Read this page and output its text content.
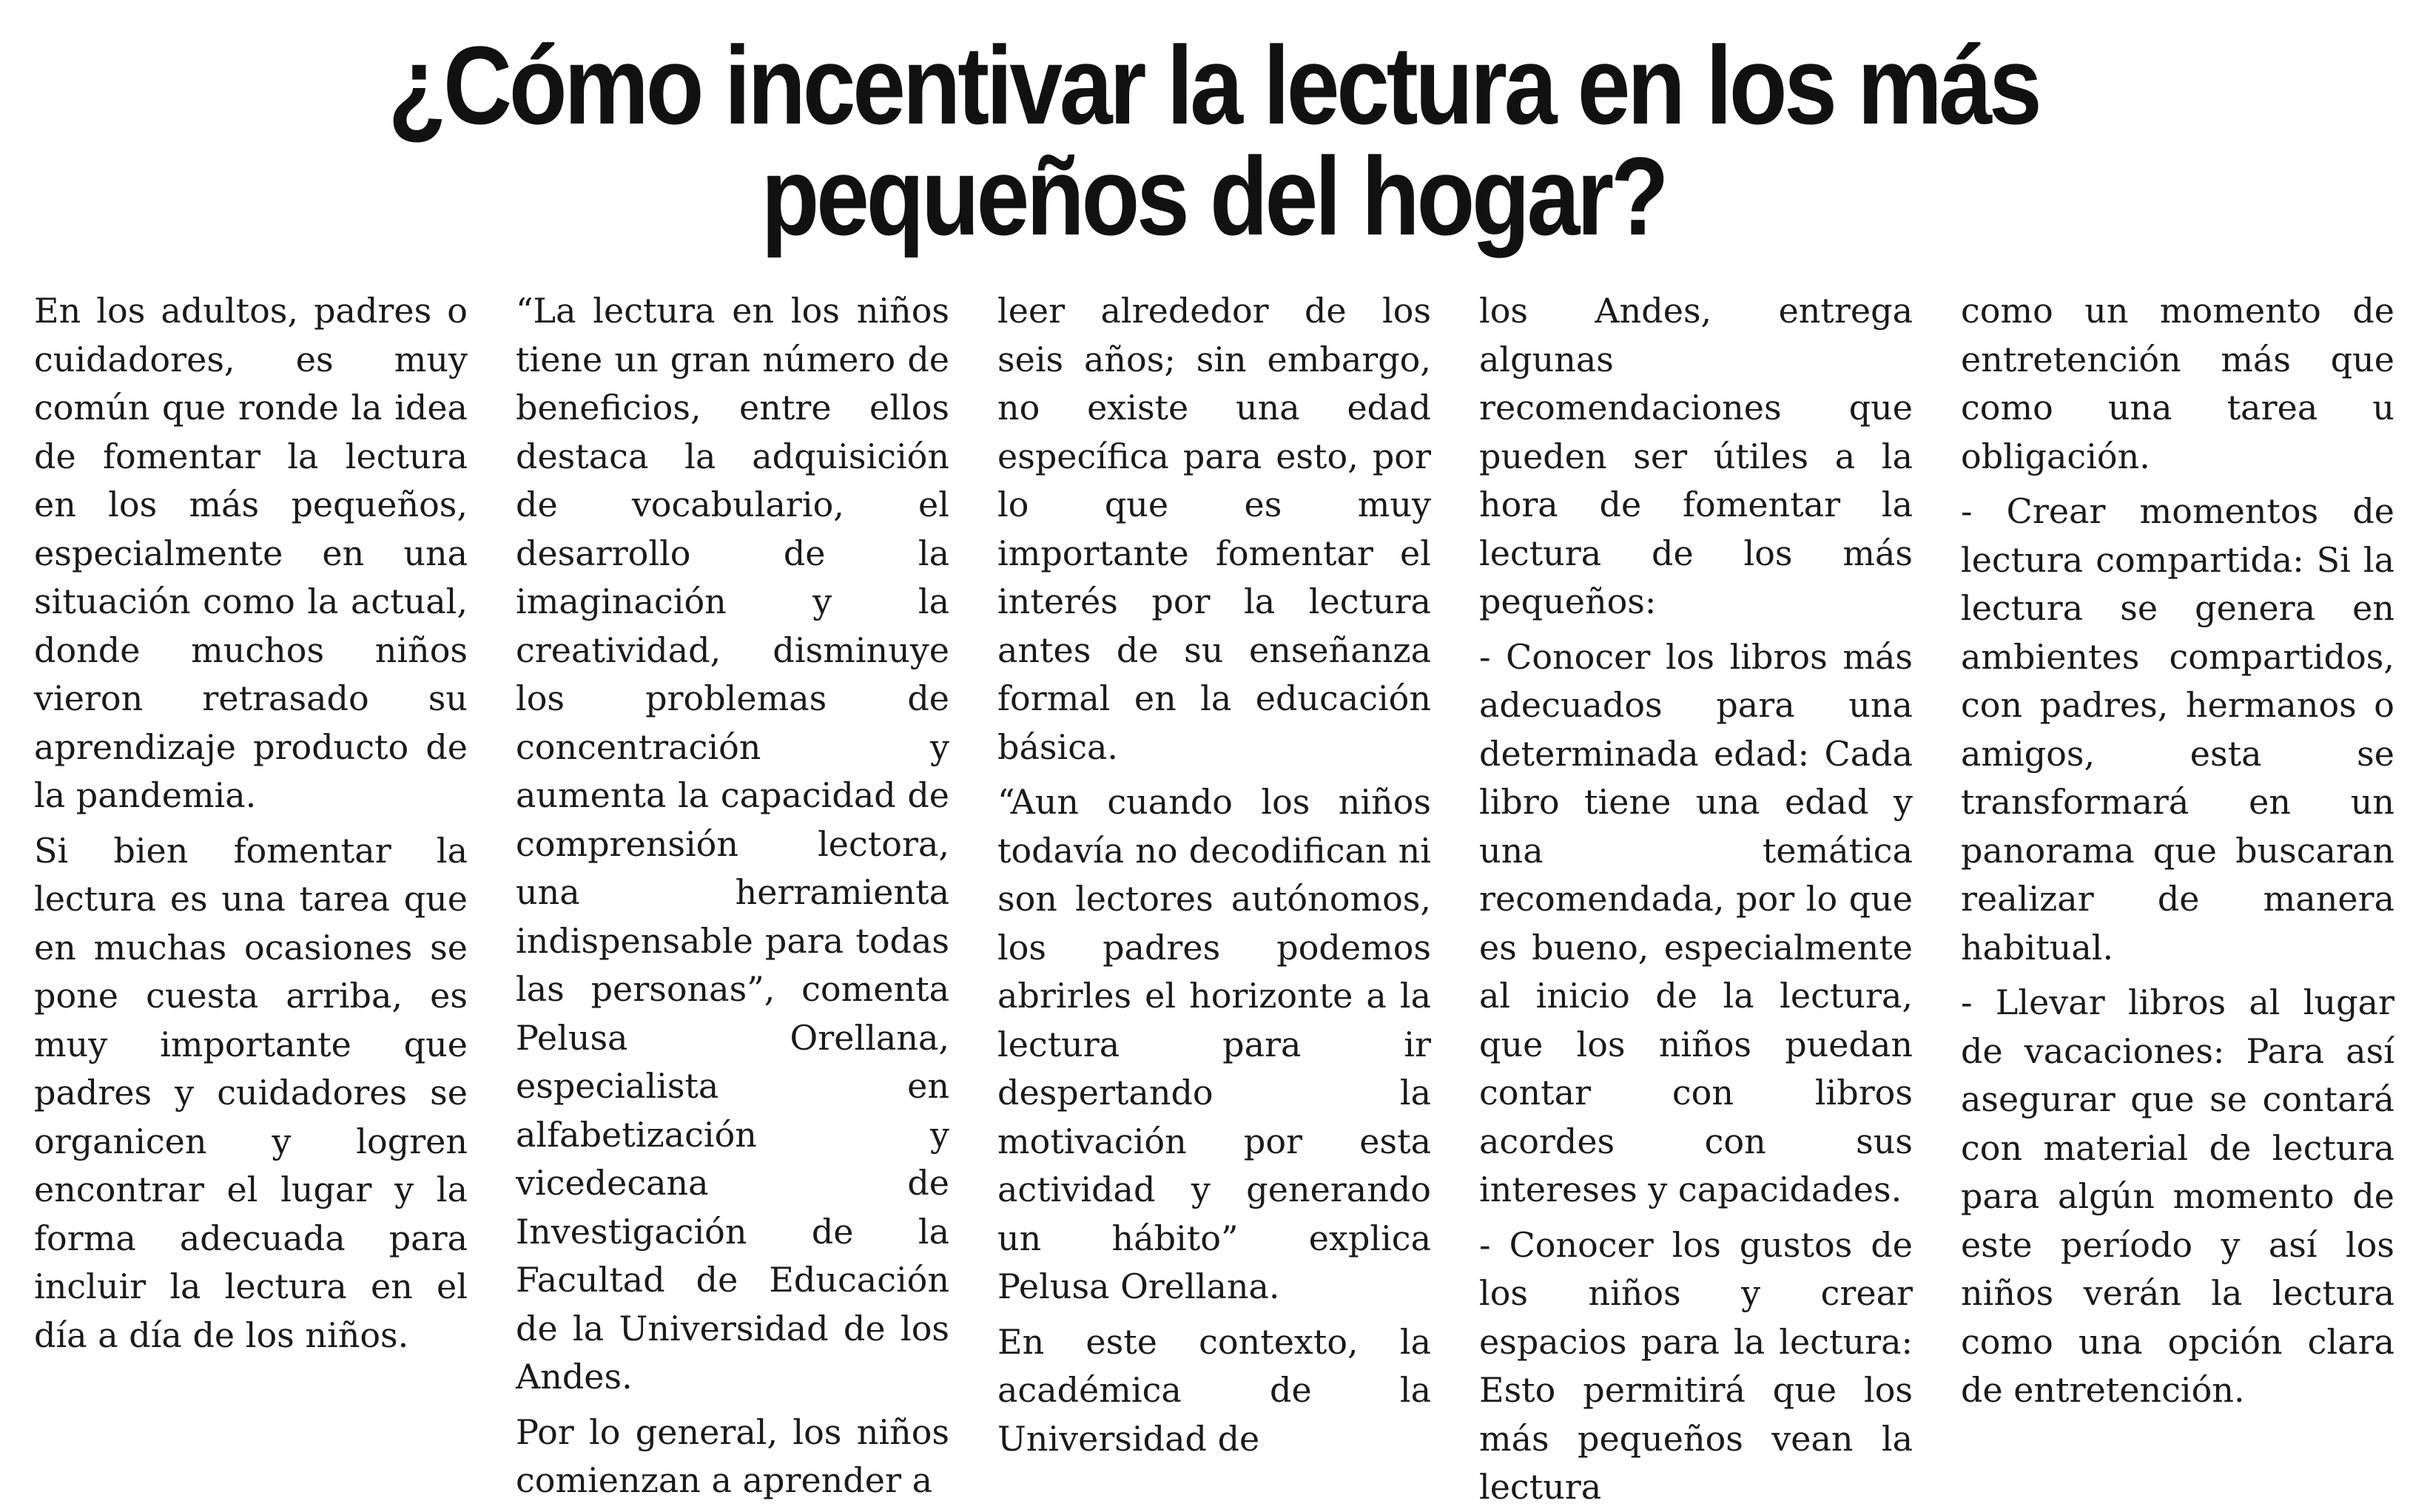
¿Cómo incentivar la lectura en los más
pequeños del hogar?

En los adultos, padres o cuidadores, es muy común que ronde la idea de fomentar la lectura en los más pequeños, especialmente en una situación como la actual, donde muchos niños vieron retrasado su aprendizaje producto de la pandemia.

Si bien fomentar la lectura es una tarea que en muchas ocasiones se pone cuesta arriba, es muy importante que padres y cuidadores se organicen y logren encontrar el lugar y la forma adecuada para incluir la lectura en el día a día de los niños.

“La lectura en los niños tiene un gran número de beneficios, entre ellos destaca la adquisición de vocabulario, el desarrollo de la imaginación y la creatividad, disminuye los problemas de concentración y aumenta la capacidad de comprensión lectora, una herramienta indispensable para todas las personas”, comenta Pelusa Orellana, especialista en alfabetización y vicedecana de Investigación de la Facultad de Educación de la Universidad de los Andes.

Por lo general, los niños comienzan a aprender a

leer alrededor de los seis años; sin embargo, no existe una edad específica para esto, por lo que es muy importante fomentar el interés por la lectura antes de su enseñanza formal en la educación básica.

“Aun cuando los niños todavía no decodifican ni son lectores autónomos, los padres podemos abrirles el horizonte a la lectura para ir despertando la motivación por esta actividad y generando un hábito” explica Pelusa Orellana.

En este contexto, la académica de la Universidad de

los Andes, entrega algunas recomendaciones que pueden ser útiles a la hora de fomentar la lectura de los más pequeños:

- Conocer los libros más adecuados para una determinada edad: Cada libro tiene una edad y una temática recomendada, por lo que es bueno, especialmente al inicio de la lectura, que los niños puedan contar con libros acordes con sus intereses y capacidades.

- Conocer los gustos de los niños y crear espacios para la lectura: Esto permitirá que los más pequeños vean la lectura

como un momento de entretención más que como una tarea u obligación.

- Crear momentos de lectura compartida: Si la lectura se genera en ambientes compartidos, con padres, hermanos o amigos, esta se transformará en un panorama que buscaran realizar de manera habitual.

- Llevar libros al lugar de vacaciones: Para así asegurar que se contará con material de lectura para algún momento de este período y así los niños verán la lectura como una opción clara de entretención.
